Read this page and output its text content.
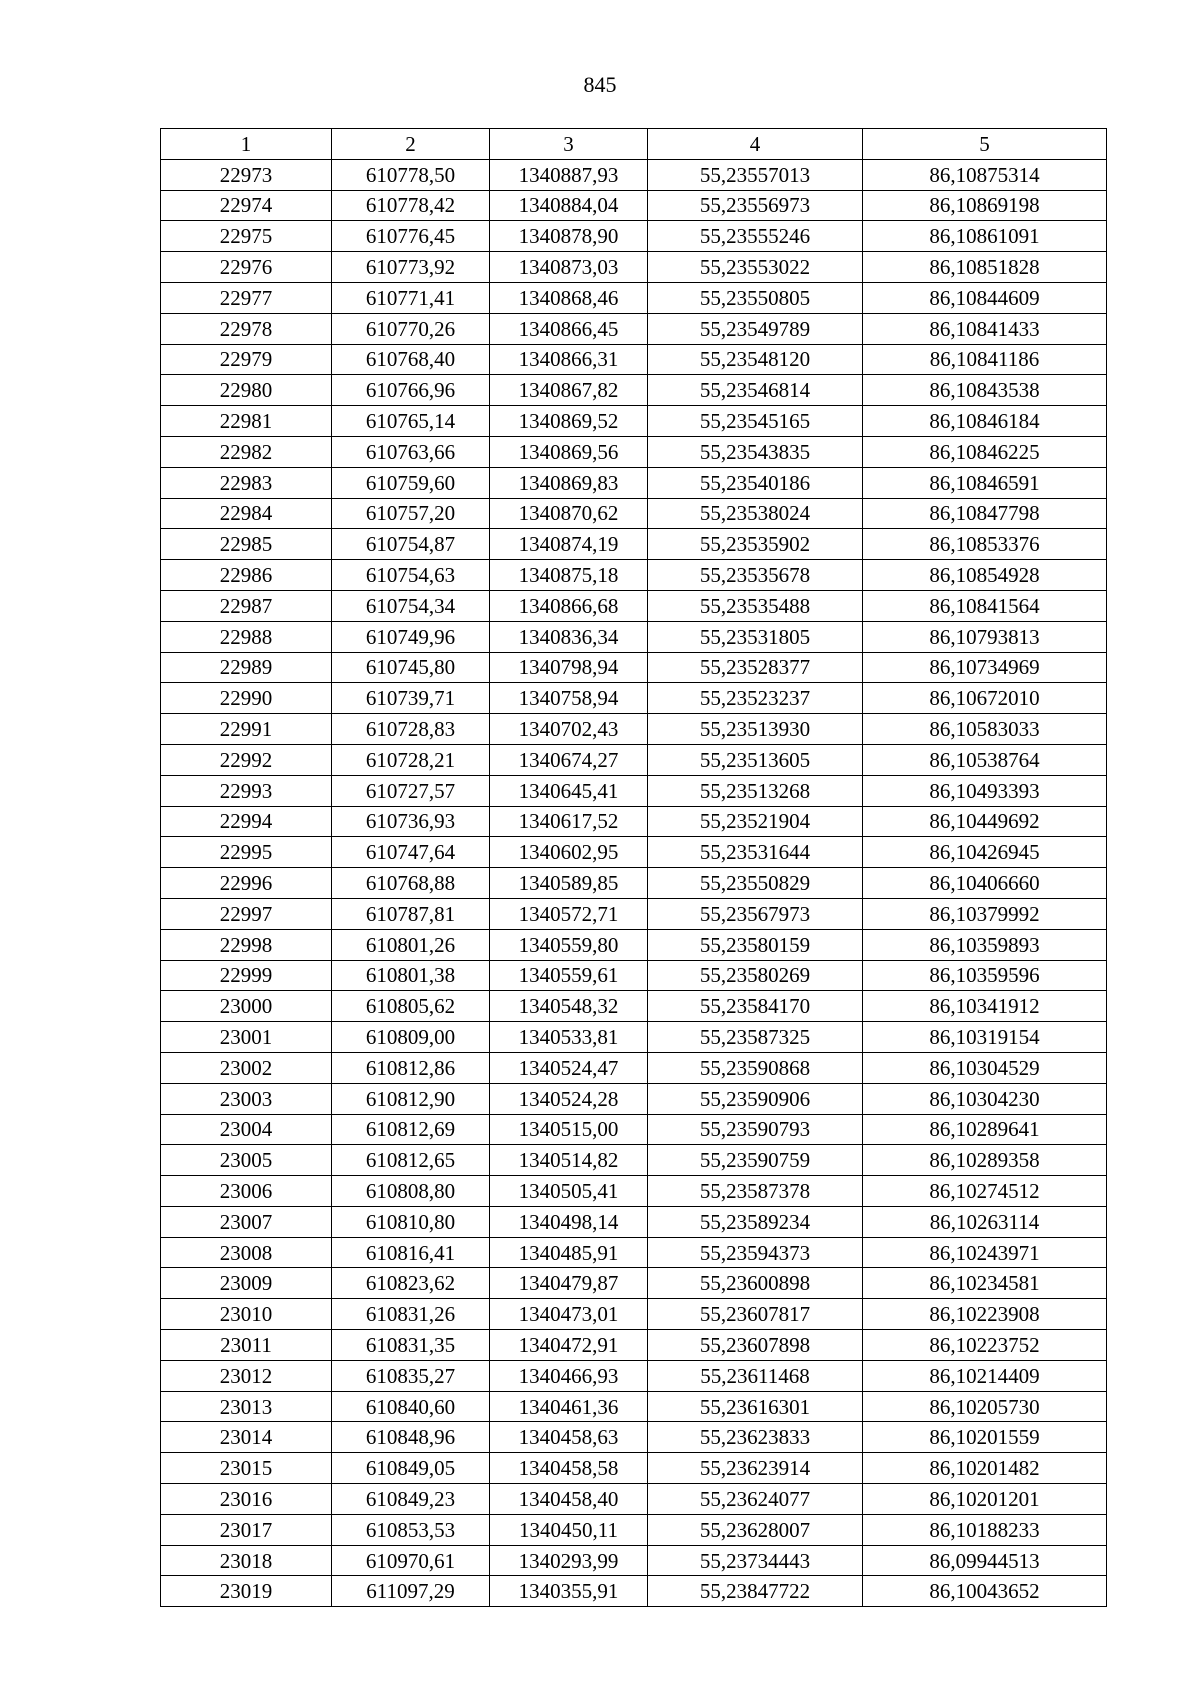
845
1	2	3	4	5
22973	610778,50	1340887,93	55,23557013	86,10875314
22974	610778,42	1340884,04	55,23556973	86,10869198
22975	610776,45	1340878,90	55,23555246	86,10861091
22976	610773,92	1340873,03	55,23553022	86,10851828
22977	610771,41	1340868,46	55,23550805	86,10844609
22978	610770,26	1340866,45	55,23549789	86,10841433
22979	610768,40	1340866,31	55,23548120	86,10841186
22980	610766,96	1340867,82	55,23546814	86,10843538
22981	610765,14	1340869,52	55,23545165	86,10846184
22982	610763,66	1340869,56	55,23543835	86,10846225
22983	610759,60	1340869,83	55,23540186	86,10846591
22984	610757,20	1340870,62	55,23538024	86,10847798
22985	610754,87	1340874,19	55,23535902	86,10853376
22986	610754,63	1340875,18	55,23535678	86,10854928
22987	610754,34	1340866,68	55,23535488	86,10841564
22988	610749,96	1340836,34	55,23531805	86,10793813
22989	610745,80	1340798,94	55,23528377	86,10734969
22990	610739,71	1340758,94	55,23523237	86,10672010
22991	610728,83	1340702,43	55,23513930	86,10583033
22992	610728,21	1340674,27	55,23513605	86,10538764
22993	610727,57	1340645,41	55,23513268	86,10493393
22994	610736,93	1340617,52	55,23521904	86,10449692
22995	610747,64	1340602,95	55,23531644	86,10426945
22996	610768,88	1340589,85	55,23550829	86,10406660
22997	610787,81	1340572,71	55,23567973	86,10379992
22998	610801,26	1340559,80	55,23580159	86,10359893
22999	610801,38	1340559,61	55,23580269	86,10359596
23000	610805,62	1340548,32	55,23584170	86,10341912
23001	610809,00	1340533,81	55,23587325	86,10319154
23002	610812,86	1340524,47	55,23590868	86,10304529
23003	610812,90	1340524,28	55,23590906	86,10304230
23004	610812,69	1340515,00	55,23590793	86,10289641
23005	610812,65	1340514,82	55,23590759	86,10289358
23006	610808,80	1340505,41	55,23587378	86,10274512
23007	610810,80	1340498,14	55,23589234	86,10263114
23008	610816,41	1340485,91	55,23594373	86,10243971
23009	610823,62	1340479,87	55,23600898	86,10234581
23010	610831,26	1340473,01	55,23607817	86,10223908
23011	610831,35	1340472,91	55,23607898	86,10223752
23012	610835,27	1340466,93	55,23611468	86,10214409
23013	610840,60	1340461,36	55,23616301	86,10205730
23014	610848,96	1340458,63	55,23623833	86,10201559
23015	610849,05	1340458,58	55,23623914	86,10201482
23016	610849,23	1340458,40	55,23624077	86,10201201
23017	610853,53	1340450,11	55,23628007	86,10188233
23018	610970,61	1340293,99	55,23734443	86,09944513
23019	611097,29	1340355,91	55,23847722	86,10043652
